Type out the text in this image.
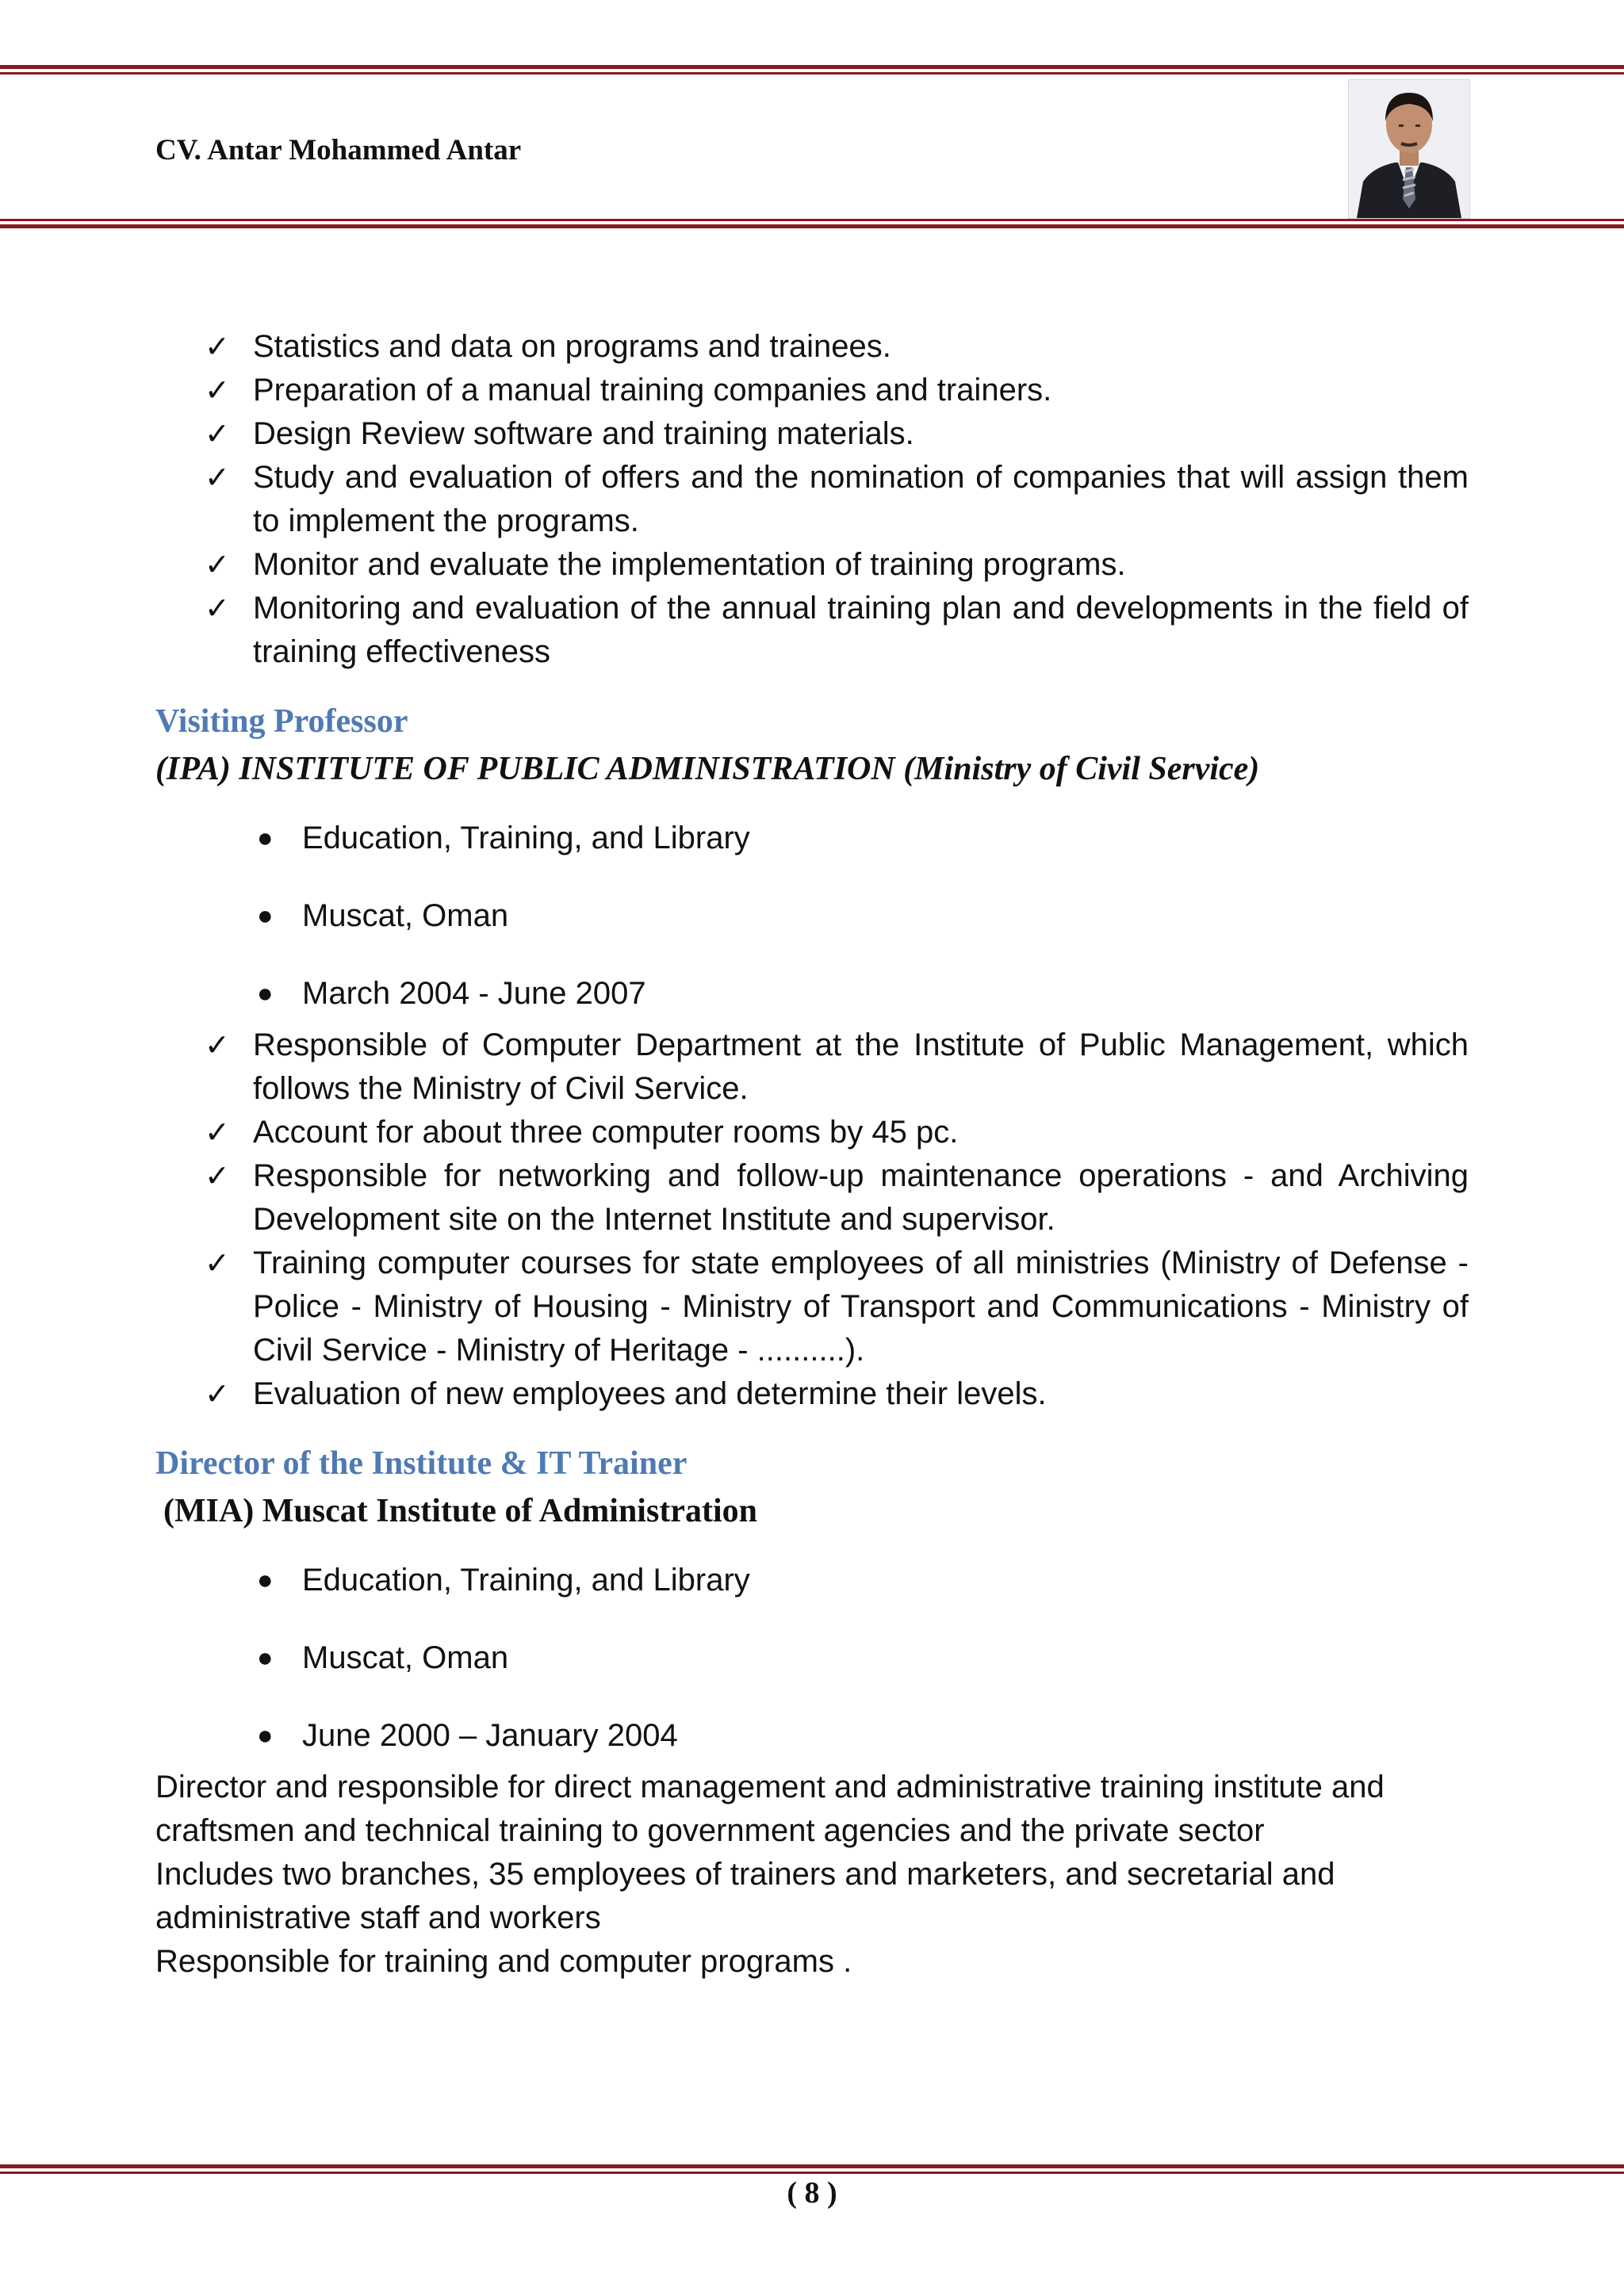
CV. Antar Mohammed Antar
✓ Statistics and data on programs and trainees.
✓ Preparation of a manual training companies and trainers.
✓ Design Review software and training materials.
✓ Study and evaluation of offers and the nomination of companies that will assign them to implement the programs.
✓ Monitor and evaluate the implementation of training programs.
✓ Monitoring and evaluation of the annual training plan and developments in the field of training effectiveness
Visiting Professor
(IPA) INSTITUTE OF PUBLIC ADMINISTRATION (Ministry of Civil Service)
● Education, Training, and Library
● Muscat, Oman
● March 2004 - June 2007
✓ Responsible of Computer Department at the Institute of Public Management, which follows the Ministry of Civil Service.
✓ Account for about three computer rooms by 45 pc.
✓ Responsible for networking and follow-up maintenance operations - and Archiving Development site on the Internet Institute and supervisor.
✓ Training computer courses for state employees of all ministries (Ministry of Defense - Police - Ministry of Housing - Ministry of Transport and Communications - Ministry of Civil Service - Ministry of Heritage - ..........).
✓ Evaluation of new employees and determine their levels.
Director of the Institute & IT Trainer
(MIA) Muscat Institute of Administration
● Education, Training, and Library
● Muscat, Oman
● June 2000 – January 2004
Director and responsible for direct management and administrative training institute and craftsmen and technical training to government agencies and the private sector
Includes two branches, 35 employees of trainers and marketers, and secretarial and administrative staff and workers
Responsible for training and computer programs .
( 8 )
